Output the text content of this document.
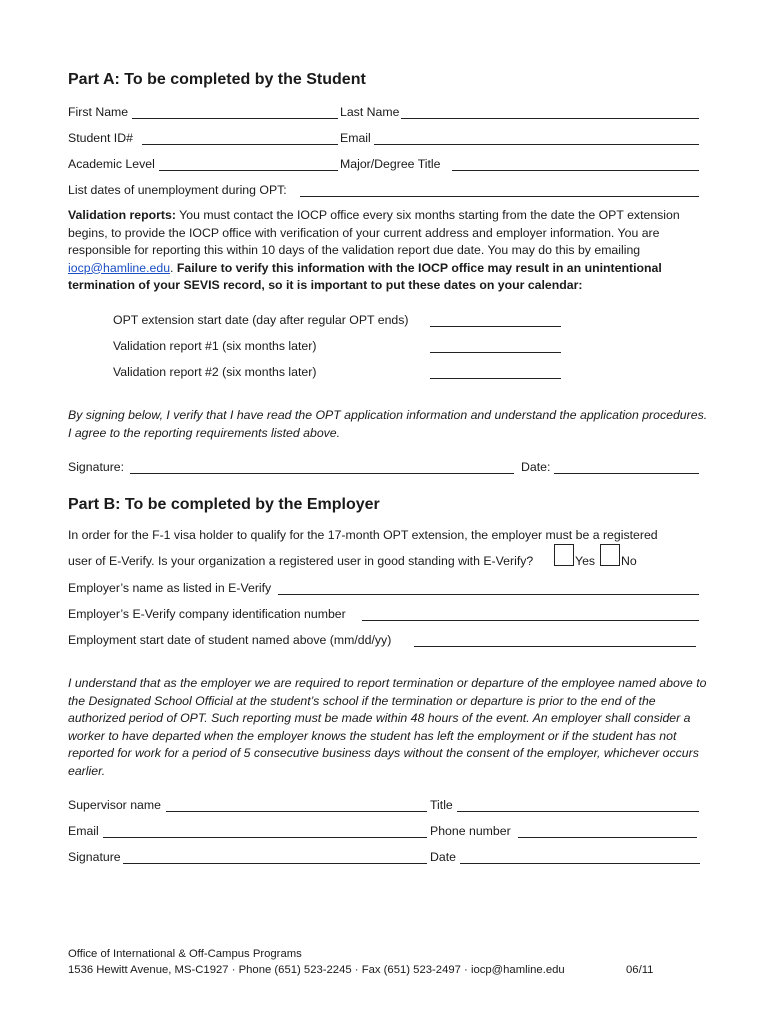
Part A: To be completed by the Student
First Name	Last Name
Student ID#	Email
Academic Level	Major/Degree Title
List dates of unemployment during OPT:
Validation reports: You must contact the IOCP office every six months starting from the date the OPT extension begins, to provide the IOCP office with verification of your current address and employer information. You are responsible for reporting this within 10 days of the validation report due date. You may do this by emailing iocp@hamline.edu. Failure to verify this information with the IOCP office may result in an unintentional termination of your SEVIS record, so it is important to put these dates on your calendar:
OPT extension start date (day after regular OPT ends)
Validation report #1 (six months later)
Validation report #2 (six months later)
By signing below, I verify that I have read the OPT application information and understand the application procedures. I agree to the reporting requirements listed above.
Signature:	Date:
Part B: To be completed by the Employer
In order for the F-1 visa holder to qualify for the 17-month OPT extension, the employer must be a registered
user of E-Verify. Is your organization a registered user in good standing with E-Verify?	Yes No
Employer’s name as listed in E-Verify
Employer’s E-Verify company identification number
Employment start date of student named above (mm/dd/yy)
I understand that as the employer we are required to report termination or departure of the employee named above to the Designated School Official at the student’s school if the termination or departure is prior to the end of the authorized period of OPT. Such reporting must be made within 48 hours of the event. An employer shall consider a worker to have departed when the employer knows the student has left the employment or if the student has not reported for work for a period of 5 consecutive business days without the consent of the employer, whichever occurs earlier.
Supervisor name	Title
Email	Phone number
Signature	Date
Office of International & Off-Campus Programs
1536 Hewitt Avenue, MS-C1927 · Phone (651) 523-2245 · Fax (651) 523-2497 · iocp@hamline.edu	06/11
